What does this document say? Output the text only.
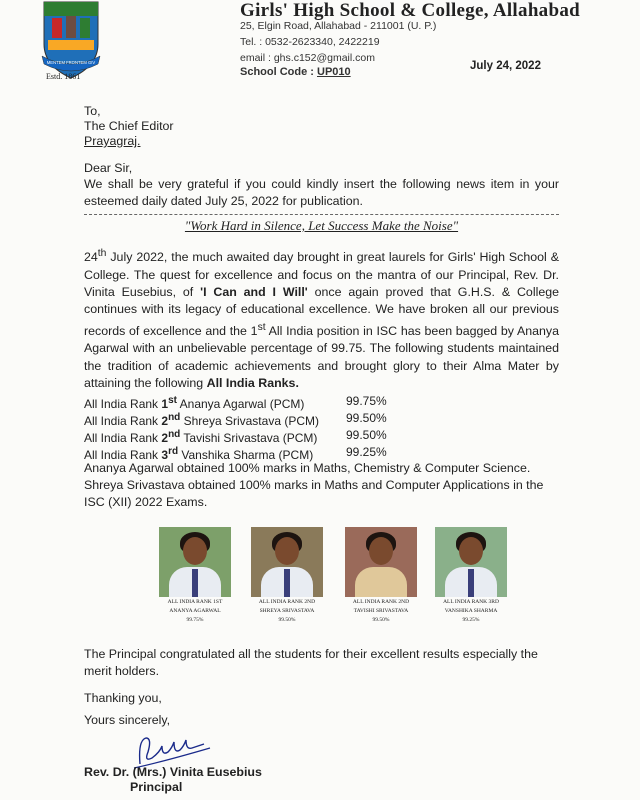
MENTEM FRONTEM GIV
Estd. 1861
Girls' High School & College, Allahabad
25, Elgin Road, Allahabad - 211001 (U. P.)
Tel. : 0532-2623340, 2422219
email : ghs.c152@gmail.com
School Code : UP010	July 24, 2022
To,
The Chief Editor
Prayagraj.
Dear Sir,
We shall be very grateful if you could kindly insert the following news item in your esteemed daily dated July 25, 2022 for publication.
"Work Hard in Silence, Let Success Make the Noise"
24th July 2022, the much awaited day brought in great laurels for Girls' High School & College. The quest for excellence and focus on the mantra of our Principal, Rev. Dr. Vinita Eusebius, of 'I Can and I Will' once again proved that G.H.S. & College continues with its legacy of educational excellence. We have broken all our previous records of excellence and the 1st All India position in ISC has been bagged by Ananya Agarwal with an unbelievable percentage of 99.75. The following students maintained the tradition of academic achievements and brought glory to their Alma Mater by attaining the following All India Ranks.
All India Rank 1st Ananya Agarwal (PCM)	99.75%
All India Rank 2nd Shreya Srivastava (PCM)	99.50%
All India Rank 2nd Tavishi Srivastava (PCM)	99.50%
All India Rank 3rd Vanshika Sharma (PCM)	99.25%
Ananya Agarwal obtained 100% marks in Maths, Chemistry & Computer Science.
Shreya Srivastava obtained 100% marks in Maths and Computer Applications in the ISC (XII) 2022 Exams.
ALL INDIA RANK 1ST
ANANYA AGARWAL
99.75%
ALL INDIA RANK 2ND
SHREYA SRIVASTAVA
99.50%
ALL INDIA RANK 2ND
TAVISHI SRIVASTAVA
99.50%
ALL INDIA RANK 3RD
VANSHIKA SHARMA
99.25%
The Principal congratulated all the students for their excellent results especially the merit holders.
Thanking you,
Yours sincerely,
Rev. Dr. (Mrs.) Vinita Eusebius
Principal
